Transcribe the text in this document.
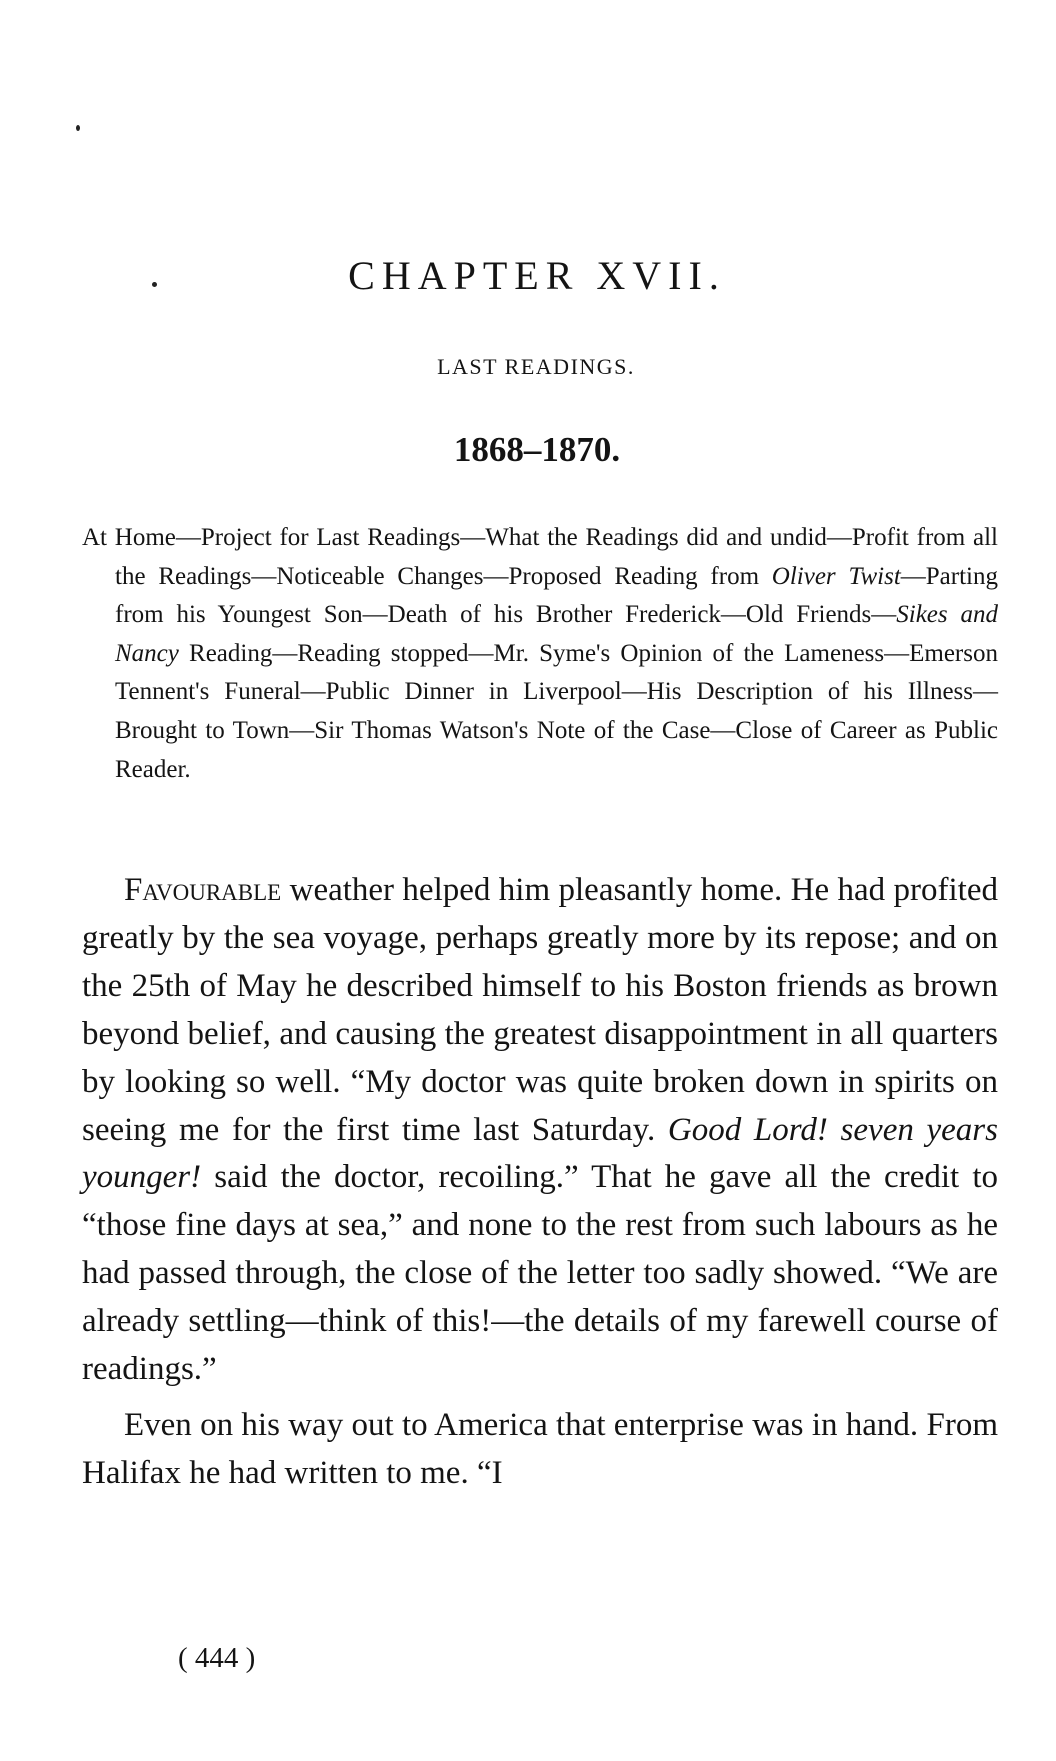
CHAPTER XVII.
LAST READINGS.
1868–1870.
At Home—Project for Last Readings—What the Readings did and undid—Profit from all the Readings—Noticeable Changes—Proposed Reading from Oliver Twist—Parting from his Youngest Son—Death of his Brother Frederick—Old Friends—Sikes and Nancy Reading—Reading stopped—Mr. Syme's Opinion of the Lameness—Emerson Tennent's Funeral—Public Dinner in Liverpool—His Description of his Illness—Brought to Town—Sir Thomas Watson's Note of the Case—Close of Career as Public Reader.

Favourable weather helped him pleasantly home. He had profited greatly by the sea voyage, perhaps greatly more by its repose; and on the 25th of May he described himself to his Boston friends as brown beyond belief, and causing the greatest disappointment in all quarters by looking so well. “My doctor was quite broken down in spirits on seeing me for the first time last Saturday. Good Lord! seven years younger! said the doctor, recoiling.” That he gave all the credit to “those fine days at sea,” and none to the rest from such labours as he had passed through, the close of the letter too sadly showed. “We are already settling—think of this!—the details of my farewell course of readings.”

Even on his way out to America that enterprise was in hand. From Halifax he had written to me. “I

( 444 )
